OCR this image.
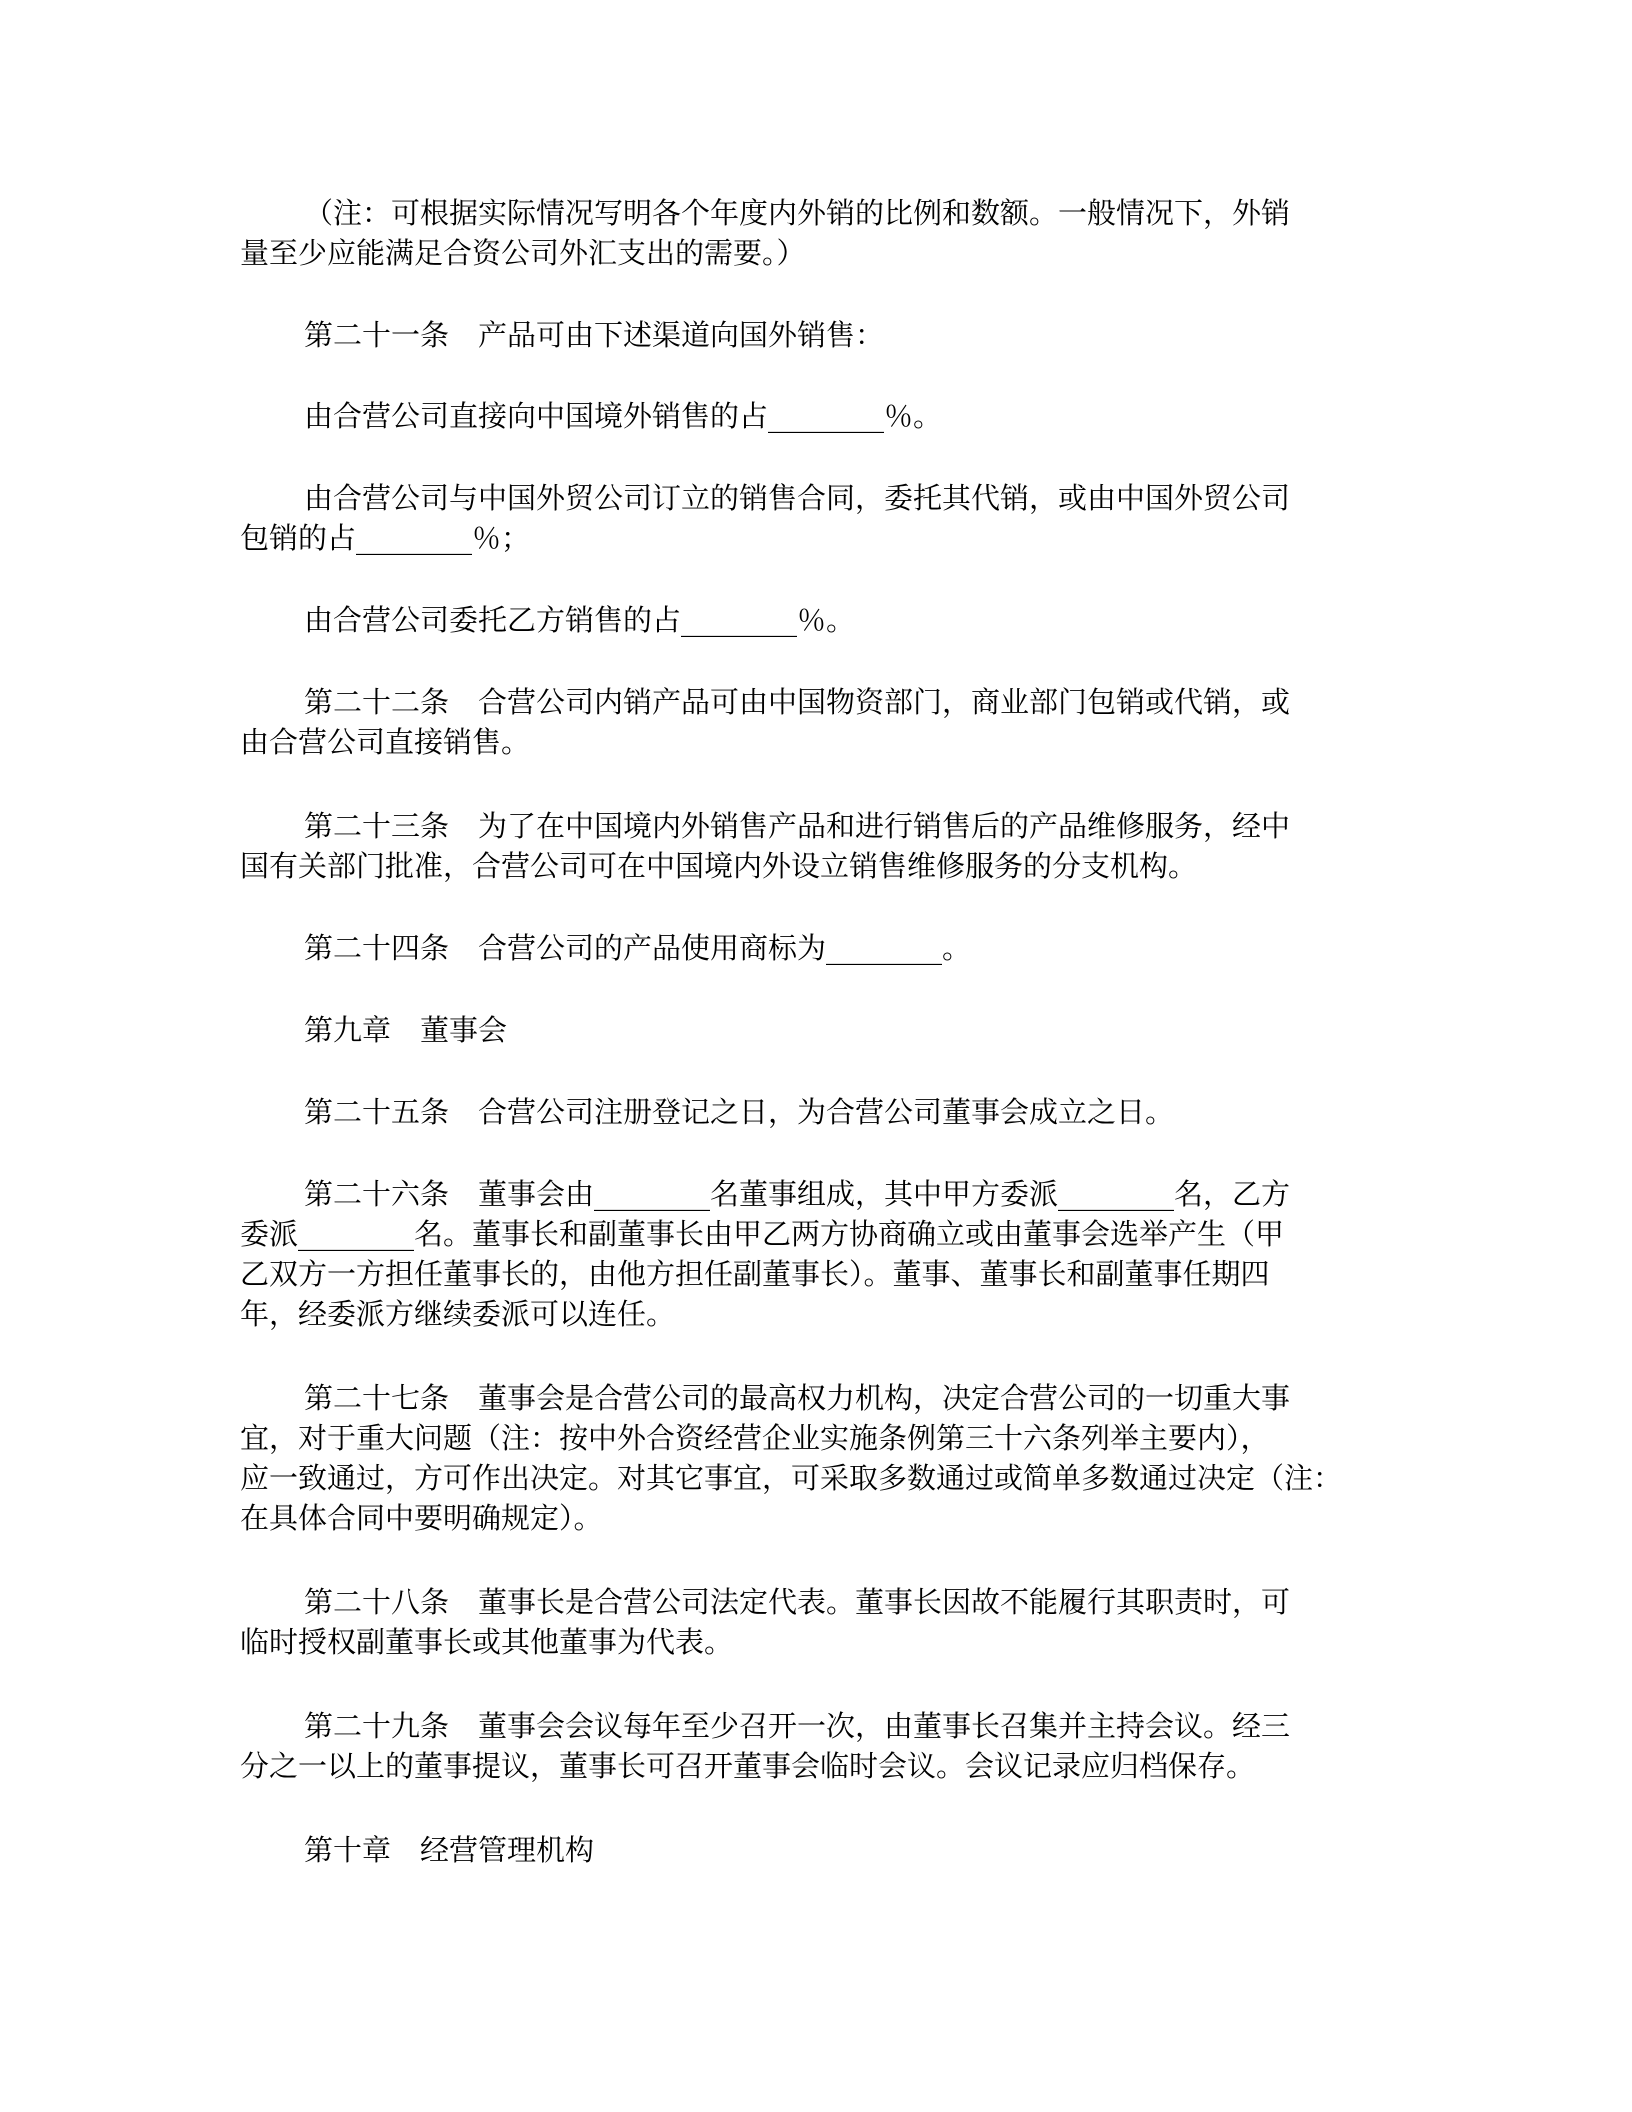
（注：可根据实际情况写明各个年度内外销的比例和数额。一般情况下，外销
量至少应能满足合资公司外汇支出的需要。）
第二十一条　产品可由下述渠道向国外销售：
由合营公司直接向中国境外销售的占________％。
由合营公司与中国外贸公司订立的销售合同，委托其代销，或由中国外贸公司
包销的占________％；
由合营公司委托乙方销售的占________％。
第二十二条　合营公司内销产品可由中国物资部门，商业部门包销或代销，或
由合营公司直接销售。
第二十三条　为了在中国境内外销售产品和进行销售后的产品维修服务，经中
国有关部门批准，合营公司可在中国境内外设立销售维修服务的分支机构。
第二十四条　合营公司的产品使用商标为________。
第九章　董事会
第二十五条　合营公司注册登记之日，为合营公司董事会成立之日。
第二十六条　董事会由________名董事组成，其中甲方委派________名，乙方
委派________名。董事长和副董事长由甲乙两方协商确立或由董事会选举产生（甲
乙双方一方担任董事长的，由他方担任副董事长）。董事、董事长和副董事任期四
年，经委派方继续委派可以连任。
第二十七条　董事会是合营公司的最高权力机构，决定合营公司的一切重大事
宜，对于重大问题（注：按中外合资经营企业实施条例第三十六条列举主要内），
应一致通过，方可作出决定。对其它事宜，可采取多数通过或简单多数通过决定（注：
在具体合同中要明确规定）。
第二十八条　董事长是合营公司法定代表。董事长因故不能履行其职责时，可
临时授权副董事长或其他董事为代表。
第二十九条　董事会会议每年至少召开一次，由董事长召集并主持会议。经三
分之一以上的董事提议，董事长可召开董事会临时会议。会议记录应归档保存。
第十章　经营管理机构
